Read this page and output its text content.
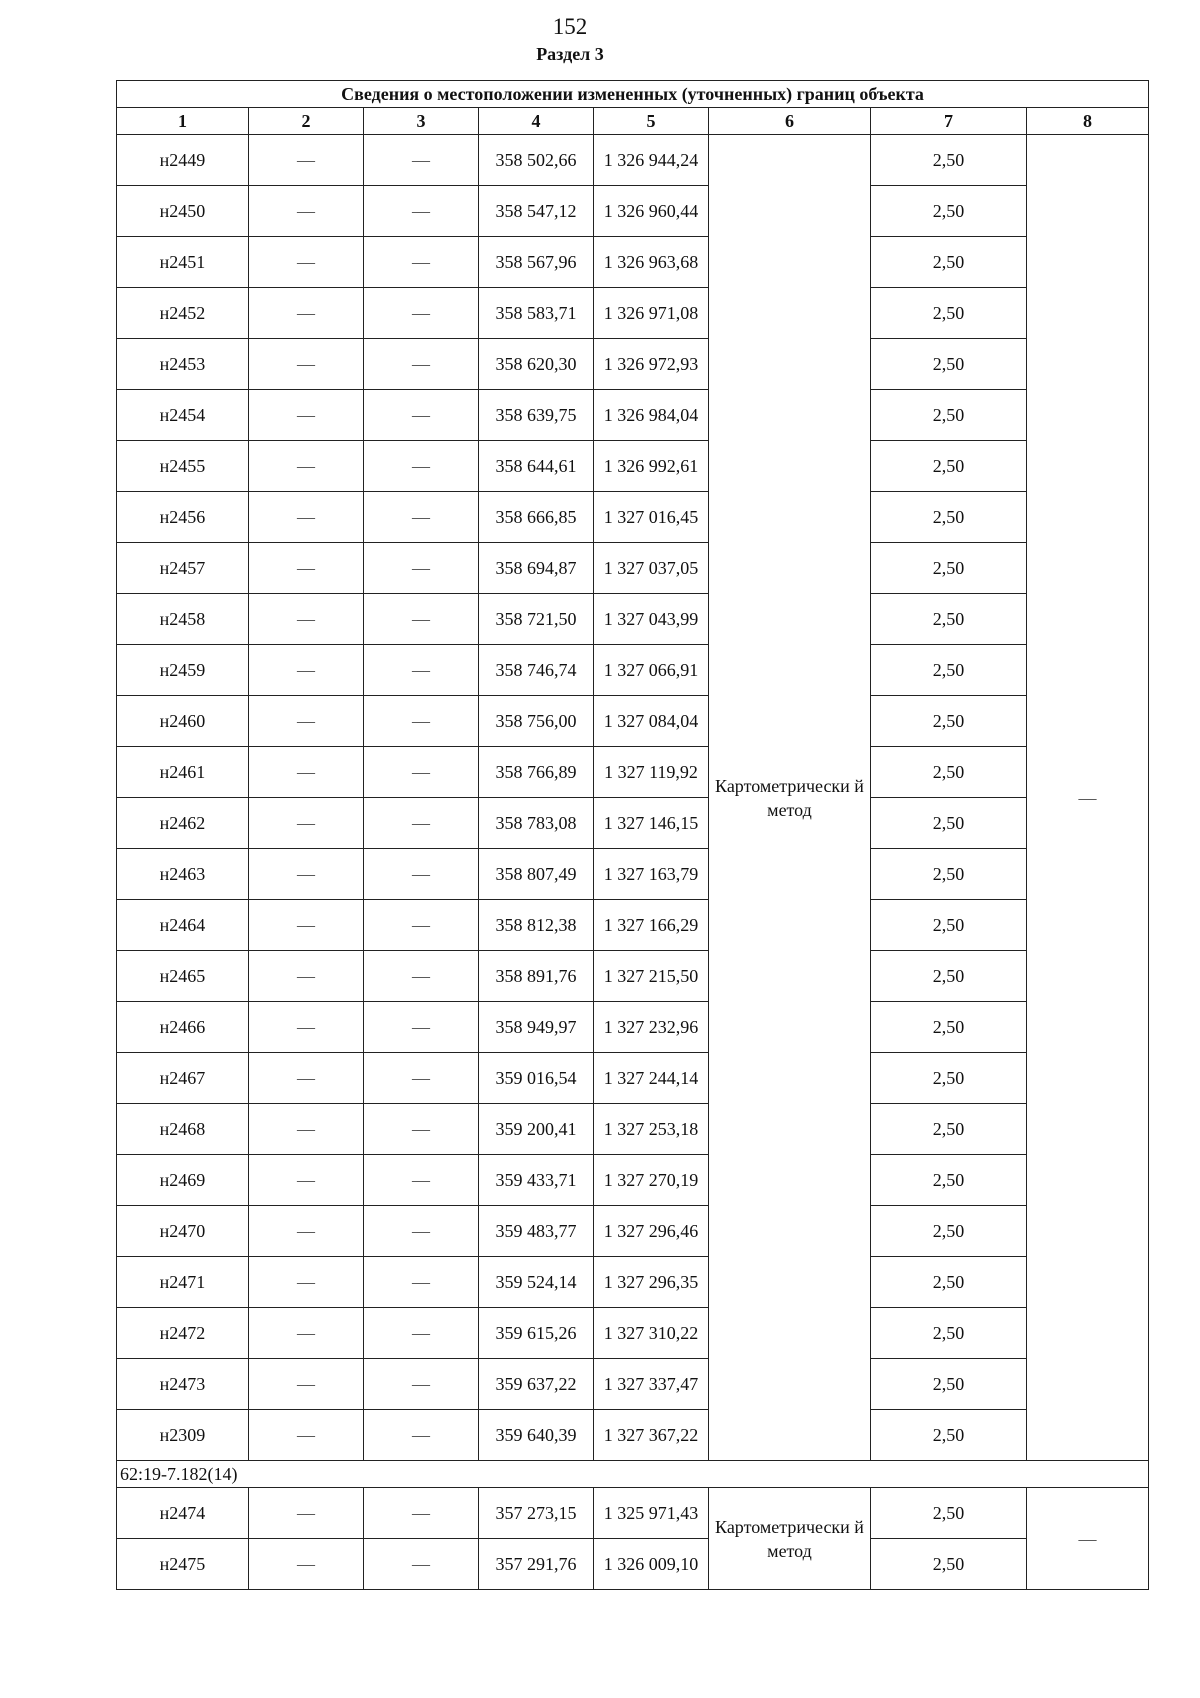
152
Раздел 3
Сведения о местоположении измененных (уточненных) границ объекта							
1	2	3	4	5	6	7	8
н2449	—	—	358 502,66	1 326 944,24	Картометрически й метод	2,50	—
н2450	—	—	358 547,12	1 326 960,44		2,50	
н2451	—	—	358 567,96	1 326 963,68		2,50	
н2452	—	—	358 583,71	1 326 971,08		2,50	
н2453	—	—	358 620,30	1 326 972,93		2,50	
н2454	—	—	358 639,75	1 326 984,04		2,50	
н2455	—	—	358 644,61	1 326 992,61		2,50	
н2456	—	—	358 666,85	1 327 016,45		2,50	
н2457	—	—	358 694,87	1 327 037,05		2,50	
н2458	—	—	358 721,50	1 327 043,99		2,50	
н2459	—	—	358 746,74	1 327 066,91		2,50	
н2460	—	—	358 756,00	1 327 084,04		2,50	
н2461	—	—	358 766,89	1 327 119,92		2,50	
н2462	—	—	358 783,08	1 327 146,15		2,50	
н2463	—	—	358 807,49	1 327 163,79		2,50	
н2464	—	—	358 812,38	1 327 166,29		2,50	
н2465	—	—	358 891,76	1 327 215,50		2,50	
н2466	—	—	358 949,97	1 327 232,96		2,50	
н2467	—	—	359 016,54	1 327 244,14		2,50	
н2468	—	—	359 200,41	1 327 253,18		2,50	
н2469	—	—	359 433,71	1 327 270,19		2,50	
н2470	—	—	359 483,77	1 327 296,46		2,50	
н2471	—	—	359 524,14	1 327 296,35		2,50	
н2472	—	—	359 615,26	1 327 310,22		2,50	
н2473	—	—	359 637,22	1 327 337,47		2,50	
н2309	—	—	359 640,39	1 327 367,22		2,50	
62:19-7.182(14)							
н2474	—	—	357 273,15	1 325 971,43	Картометрически й метод	2,50	—
н2475	—	—	357 291,76	1 326 009,10		2,50	
